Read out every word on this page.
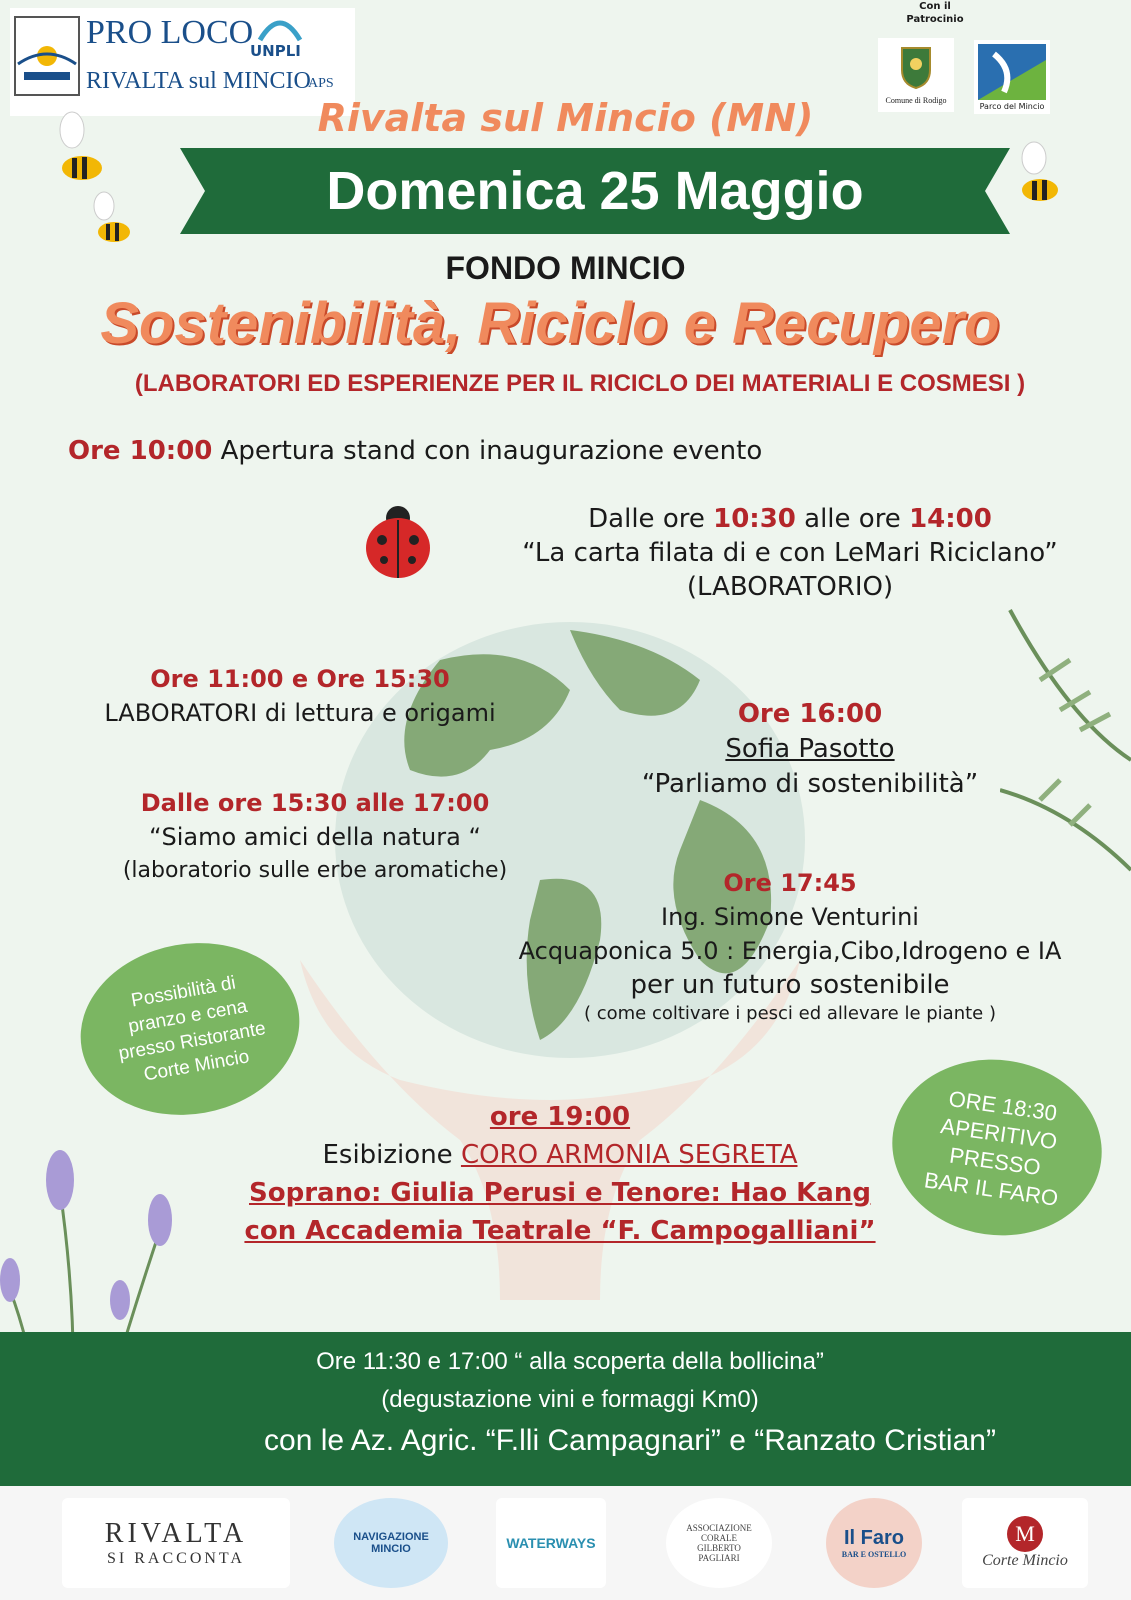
PRO LOCO
RIVALTA sul MINCIO
APS
UNPLI
Con il Patrocinio
Comune di Rodigo
Parco del Mincio
Rivalta sul Mincio (MN)
Domenica 25 Maggio
FONDO MINCIO
Sostenibilità, Riciclo e Recupero
(LABORATORI ED ESPERIENZE PER IL RICICLO DEI MATERIALI E COSMESI )
Ore 10:00 Apertura stand con inaugurazione evento
Dalle ore 10:30 alle ore 14:00
“La carta filata di e con LeMari Riciclano”
(LABORATORIO)
Ore 11:00 e Ore 15:30
LABORATORI di lettura e origami	Ore 16:00
Sofia Pasotto
“Parliamo di sostenibilità”
Dalle ore 15:30 alle 17:00
“Siamo amici della natura “
(laboratorio sulle erbe aromatiche)	Ore 17:45
Ing. Simone Venturini
Acquaponica 5.0 : Energia,Cibo,Idrogeno e IA
per un futuro sostenibile
( come coltivare i pesci ed allevare le piante )
ore 19:00
Esibizione CORO ARMONIA SEGRETA
Soprano: Giulia Perusi e Tenore: Hao Kang
con Accademia Teatrale “F. Campogalliani”
Possibilità di pranzo e cena presso Ristorante Corte Mincio
ORE 18:30 APERITIVO PRESSO BAR IL FARO
Ore 11:30 e 17:00 “ alla scoperta della bollicina”
(degustazione vini e formaggi Km0)
con le Az. Agric. “F.lli Campagnari” e “Ranzato Cristian”
RIVALTA
SI RACCONTA
NAVIGAZIONE MINCIO	WATERWAYS
ASSOCIAZIONE CORALE GILBERTO PAGLIARI
Il Faro
BAR E OSTELLO
M
Corte Mincio
